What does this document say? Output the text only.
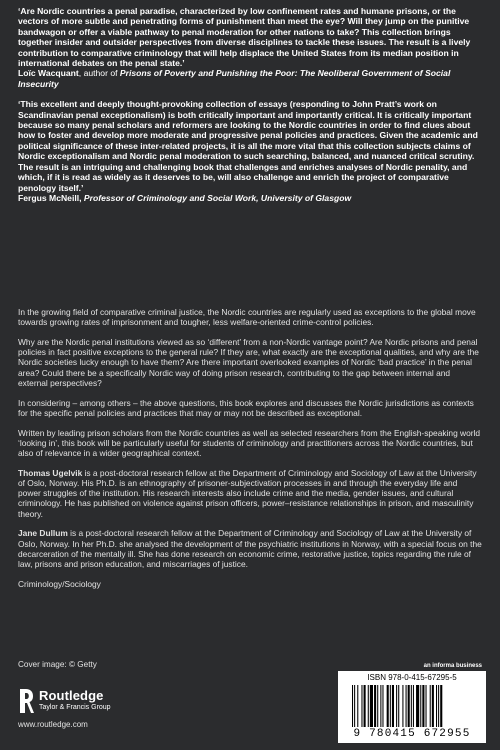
‘Are Nordic countries a penal paradise, characterized by low confinement rates and humane prisons, or the vectors of more subtle and penetrating forms of punishment than meet the eye? Will they jump on the punitive bandwagon or offer a viable pathway to penal moderation for other nations to take? This collection brings together insider and outsider perspectives from diverse disciplines to tackle these issues. The result is a lively contribution to comparative criminology that will help displace the United States from its median position in international debates on the penal state.’
Loïc Wacquant, author of Prisons of Poverty and Punishing the Poor: The Neoliberal Government of Social Insecurity
‘This excellent and deeply thought-provoking collection of essays (responding to John Pratt’s work on Scandinavian penal exceptionalism) is both critically important and importantly critical. It is critically important because so many penal scholars and reformers are looking to the Nordic countries in order to find clues about how to foster and develop more moderate and progressive penal policies and practices. Given the academic and political significance of these inter-related projects, it is all the more vital that this collection subjects claims of Nordic exceptionalism and Nordic penal moderation to such searching, balanced, and nuanced critical scrutiny. The result is an intriguing and challenging book that challenges and enriches analyses of Nordic penality, and which, if it is read as widely as it deserves to be, will also challenge and enrich the project of comparative penology itself.’
Fergus McNeill, Professor of Criminology and Social Work, University of Glasgow

In the growing field of comparative criminal justice, the Nordic countries are regularly used as exceptions to the global move towards growing rates of imprisonment and tougher, less welfare-oriented crime-control policies.

Why are the Nordic penal institutions viewed as so ‘different’ from a non-Nordic vantage point? Are Nordic prisons and penal policies in fact positive exceptions to the general rule? If they are, what exactly are the exceptional qualities, and why are the Nordic societies lucky enough to have them? Are there important overlooked examples of Nordic ‘bad practice’ in the penal area? Could there be a specifically Nordic way of doing prison research, contributing to the gap between internal and external perspectives?

In considering – among others – the above questions, this book explores and discusses the Nordic jurisdictions as contexts for the specific penal policies and practices that may or may not be described as exceptional.

Written by leading prison scholars from the Nordic countries as well as selected researchers from the English-speaking world ‘looking in’, this book will be particularly useful for students of criminology and practitioners across the Nordic countries, but also of relevance in a wider geographical context.

Thomas Ugelvik is a post-doctoral research fellow at the Department of Criminology and Sociology of Law at the University of Oslo, Norway. His Ph.D. is an ethnography of prisoner-subjectivation processes in and through the everyday life and power struggles of the institution. His research interests also include crime and the media, gender issues, and cultural criminology. He has published on violence against prison officers, power–resistance relationships in prison, and masculinity theory.

Jane Dullum is a post-doctoral research fellow at the Department of Criminology and Sociology of Law at the University of Oslo, Norway. In her Ph.D. she analysed the development of the psychiatric institutions in Norway, with a special focus on the decarceration of the mentally ill. She has done research on economic crime, restorative justice, topics regarding the rule of law, prisons and prison education, and miscarriages of justice.

Criminology/Sociology

Cover image: © Getty
Routledge
Taylor & Francis Group
www.routledge.com
an informa business
ISBN 978-0-415-67295-5
9 780415 672955
